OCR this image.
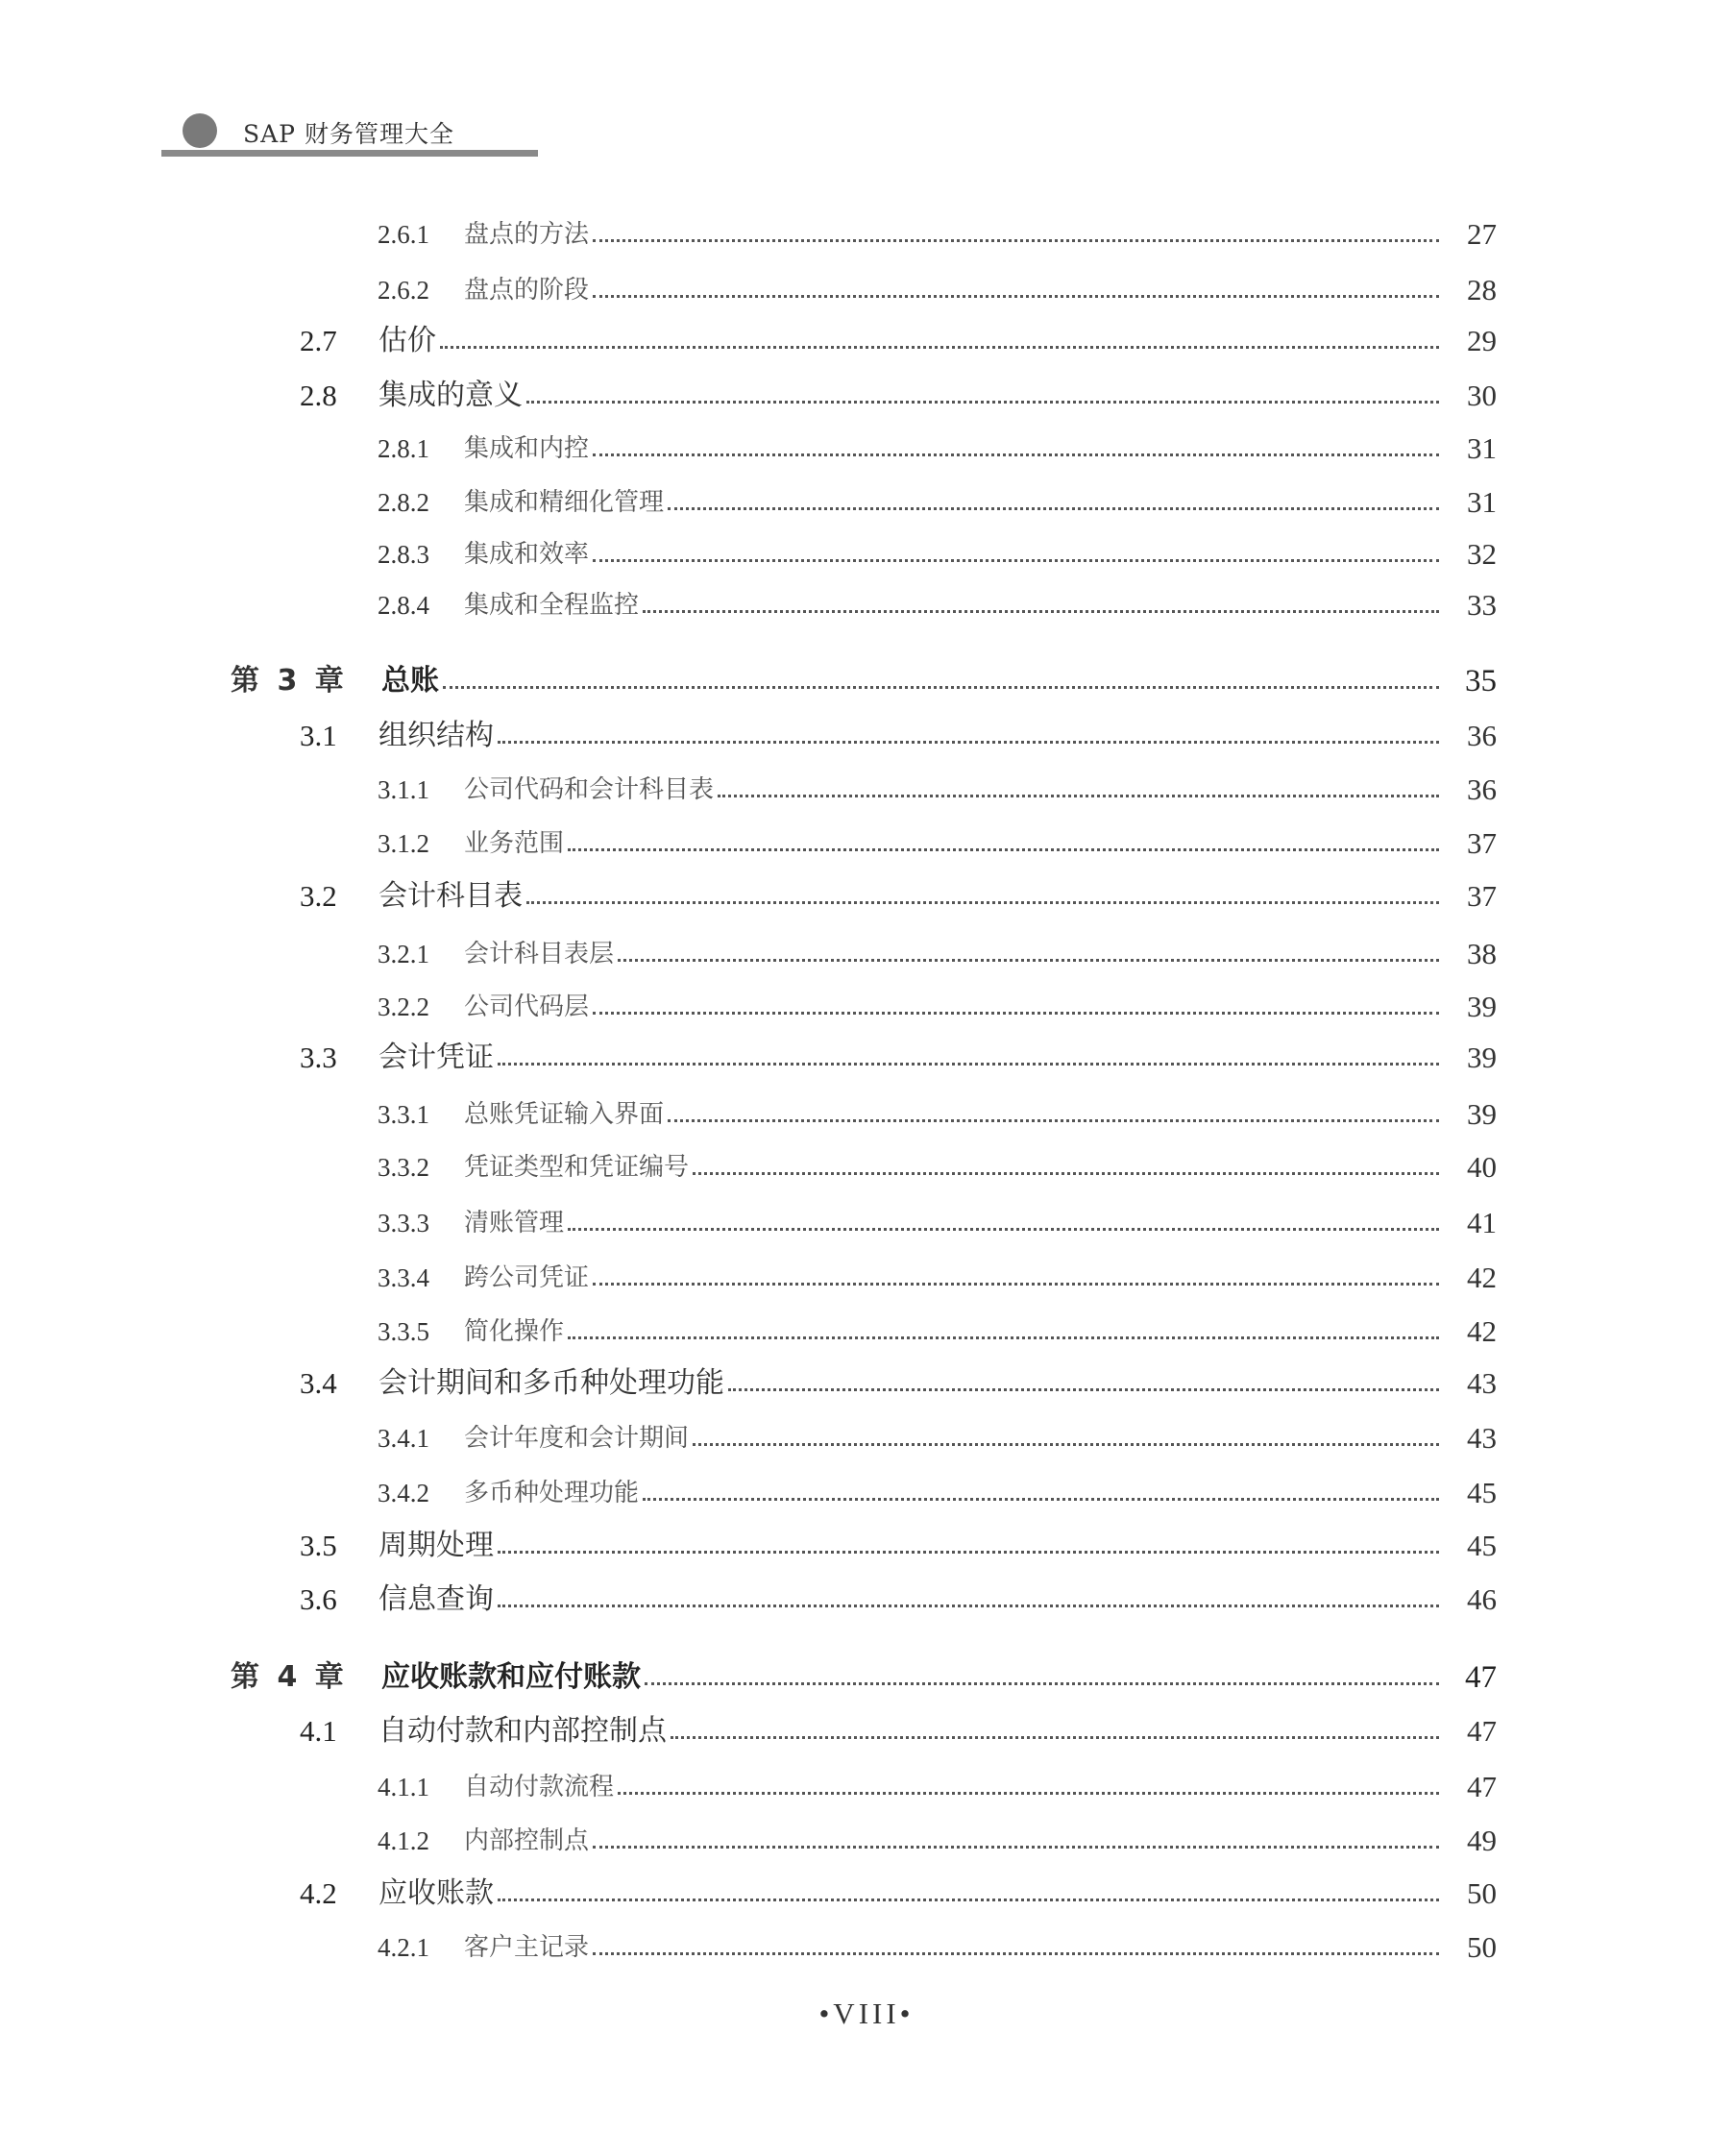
SAP 财务管理大全
2.6.1 盘点的方法	27
2.6.2 盘点的阶段	28
2.7 估价	29
2.8 集成的意义	30
2.8.1 集成和内控	31
2.8.2 集成和精细化管理	31
2.8.3 集成和效率	32
2.8.4 集成和全程监控	33
第 3 章 总账	35
3.1 组织结构	36
3.1.1 公司代码和会计科目表	36
3.1.2 业务范围	37
3.2 会计科目表	37
3.2.1 会计科目表层	38
3.2.2 公司代码层	39
3.3 会计凭证	39
3.3.1 总账凭证输入界面	39
3.3.2 凭证类型和凭证编号	40
3.3.3 清账管理	41
3.3.4 跨公司凭证	42
3.3.5 简化操作	42
3.4 会计期间和多币种处理功能	43
3.4.1 会计年度和会计期间	43
3.4.2 多币种处理功能	45
3.5 周期处理	45
3.6 信息查询	46
第 4 章 应收账款和应付账款	47
4.1 自动付款和内部控制点	47
4.1.1 自动付款流程	47
4.1.2 内部控制点	49
4.2 应收账款	50
4.2.1 客户主记录	50
•VIII•
